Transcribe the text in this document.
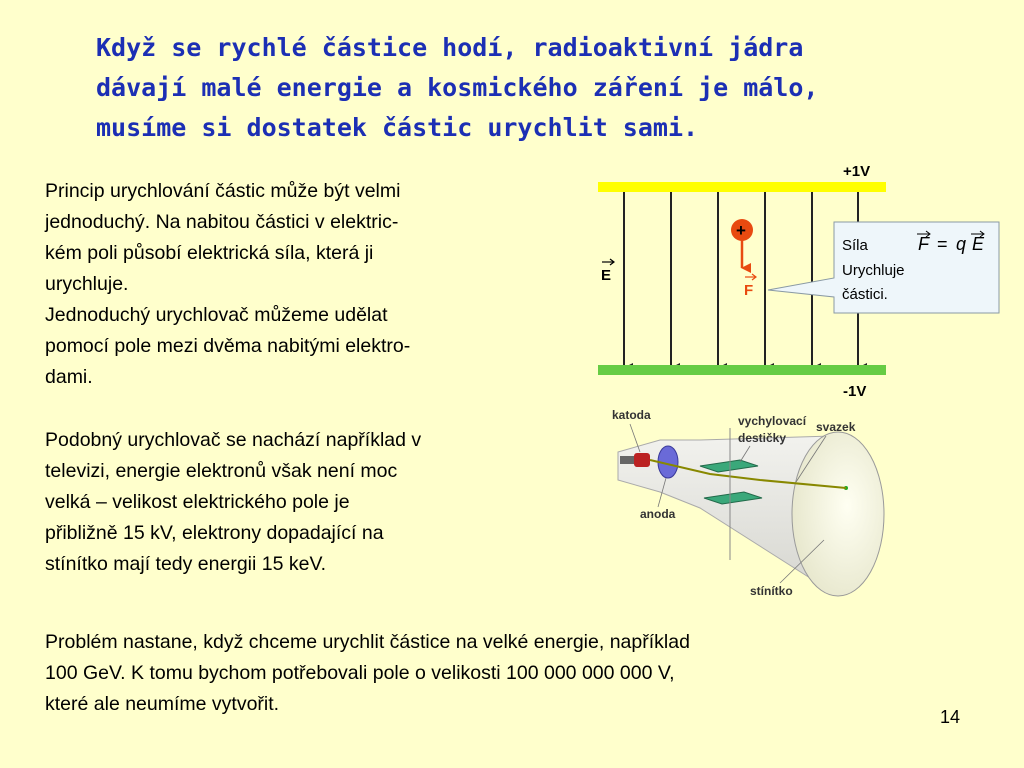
Když se rychlé částice hodí, radioaktivní jádra
dávají malé energie a kosmického záření je málo,
musíme si dostatek částic urychlit sami.
Princip urychlování částic může být velmi
jednoduchý. Na nabitou částici v elektric-
kém poli působí elektrická síla, která ji
urychluje.
Jednoduchý urychlovač můžeme udělat
pomocí pole mezi dvěma nabitými elektro-
dami.
Podobný urychlovač se nachází například v
televizi, energie elektronů však není moc
velká – velikost elektrického pole je
přibližně 15 kV, elektrony dopadající na
stínítko mají tedy energii 15 keV.
Problém nastane, když chceme urychlit částice na velké energie, například
100 GeV. K tomu bychom potřebovali pole o velikosti 100 000 000 000 V,
které ale neumíme vytvořit.
+1V
-1V
E
+
F
Síla	F = q E
Urychluje
částici.
katoda	vychylovací
destičky
svazek
anoda
stínítko
14
